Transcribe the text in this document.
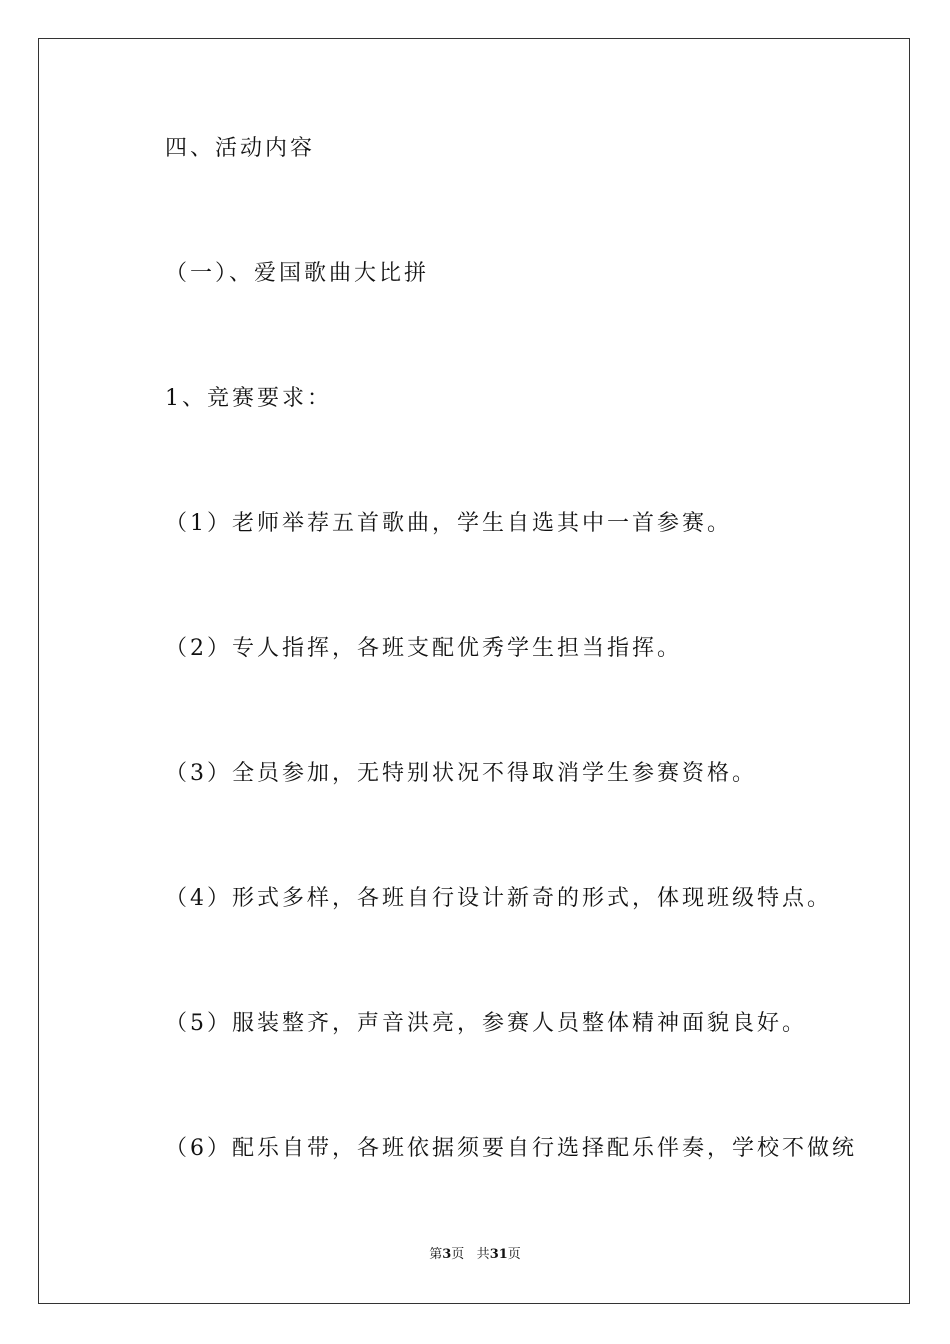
四、活动内容
（一）、爱国歌曲大比拼
1、竞赛要求：
（1）老师举荐五首歌曲，学生自选其中一首参赛。
（2）专人指挥，各班支配优秀学生担当指挥。
（3）全员参加，无特别状况不得取消学生参赛资格。
（4）形式多样，各班自行设计新奇的形式，体现班级特点。
（5）服装整齐，声音洪亮，参赛人员整体精神面貌良好。
（6）配乐自带，各班依据须要自行选择配乐伴奏，学校不做统
第3页 共31页
